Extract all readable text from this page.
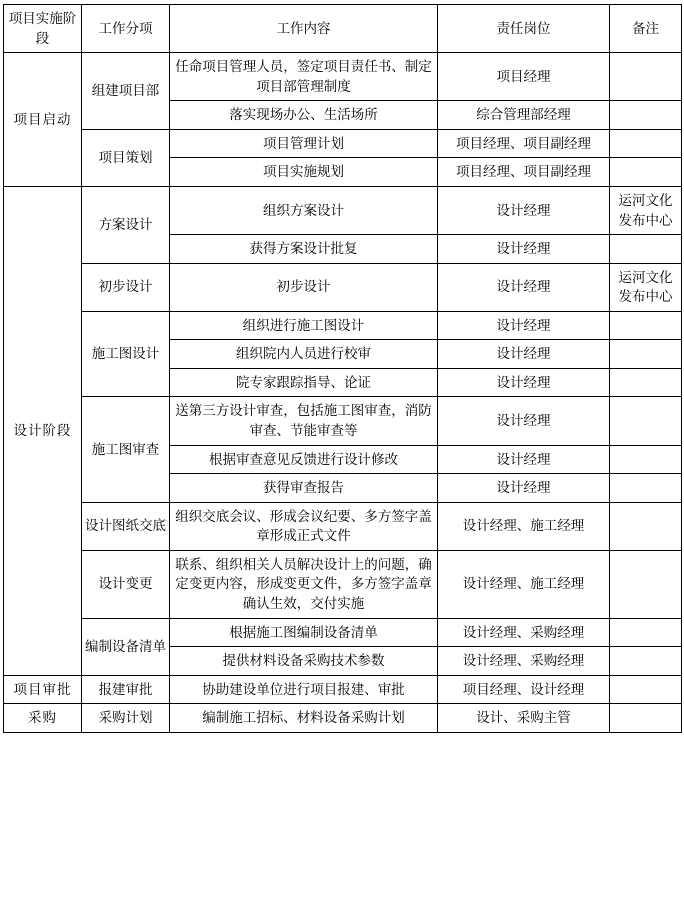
项目实施阶段	工作分项	工作内容	责任岗位	备注
项目启动	组建项目部	任命项目管理人员，签定项目责任书、制定项目部管理制度	项目经理	
		落实现场办公、生活场所	综合管理部经理	
	项目策划	项目管理计划	项目经理、项目副经理	
		项目实施规划	项目经理、项目副经理	
设计阶段	方案设计	组织方案设计	设计经理	运河文化发布中心
		获得方案设计批复	设计经理	
	初步设计	初步设计	设计经理	运河文化发布中心
	施工图设计	组织进行施工图设计	设计经理	
		组织院内人员进行校审	设计经理	
		院专家跟踪指导、论证	设计经理	
	施工图审查	送第三方设计审查，包括施工图审查，消防审查、节能审查等	设计经理	
		根据审查意见反馈进行设计修改	设计经理	
		获得审查报告	设计经理	
	设计图纸交底	组织交底会议、形成会议纪要、多方签字盖章形成正式文件	设计经理、施工经理	
	设计变更	联系、组织相关人员解决设计上的问题，确定变更内容，形成变更文件，多方签字盖章确认生效，交付实施	设计经理、施工经理	
	编制设备清单	根据施工图编制设备清单	设计经理、采购经理	
		提供材料设备采购技术参数	设计经理、采购经理	
项目审批	报建审批	协助建设单位进行项目报建、审批	项目经理、设计经理	
采购	采购计划	编制施工招标、材料设备采购计划	设计、采购主管	
